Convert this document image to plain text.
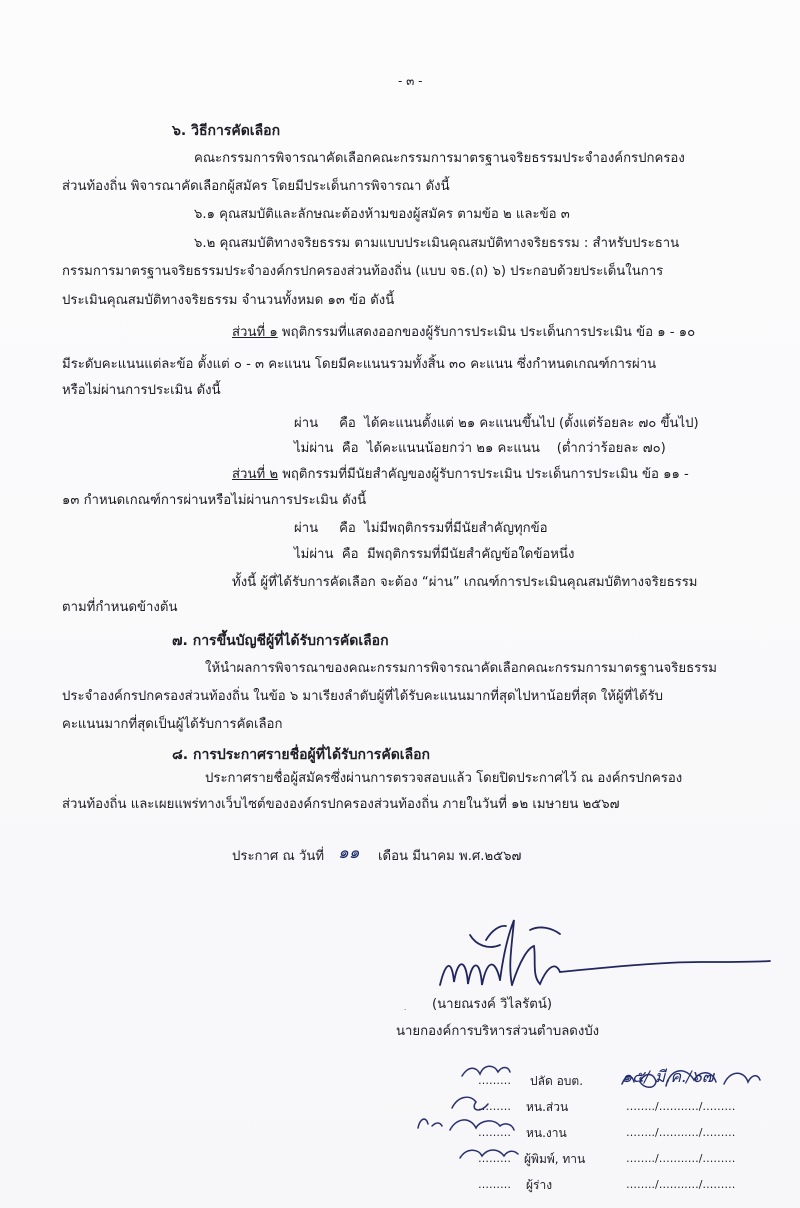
- ๓ -
๖. วิธีการคัดเลือก
คณะกรรมการพิจารณาคัดเลือกคณะกรรมการมาตรฐานจริยธรรมประจำองค์กรปกครอง
ส่วนท้องถิ่น พิจารณาคัดเลือกผู้สมัคร โดยมีประเด็นการพิจารณา ดังนี้
๖.๑ คุณสมบัติและลักษณะต้องห้ามของผู้สมัคร ตามข้อ ๒ และข้อ ๓
๖.๒ คุณสมบัติทางจริยธรรม ตามแบบประเมินคุณสมบัติทางจริยธรรม : สำหรับประธาน
กรรมการมาตรฐานจริยธรรมประจำองค์กรปกครองส่วนท้องถิ่น (แบบ จธ.(ถ) ๖) ประกอบด้วยประเด็นในการ
ประเมินคุณสมบัติทางจริยธรรม จำนวนทั้งหมด ๑๓ ข้อ ดังนี้
ส่วนที่ ๑ พฤติกรรมที่แสดงออกของผู้รับการประเมิน ประเด็นการประเมิน ข้อ ๑ - ๑๐
มีระดับคะแนนแต่ละข้อ ตั้งแต่ ๐ - ๓ คะแนน โดยมีคะแนนรวมทั้งสิ้น ๓๐ คะแนน ซึ่งกำหนดเกณฑ์การผ่าน
หรือไม่ผ่านการประเมิน ดังนี้
ผ่าน     คือ  ได้คะแนนตั้งแต่ ๒๑ คะแนนขึ้นไป (ตั้งแต่ร้อยละ ๗๐ ขึ้นไป)
ไม่ผ่าน  คือ  ได้คะแนนน้อยกว่า ๒๑ คะแนน    (ต่ำกว่าร้อยละ ๗๐)
ส่วนที่ ๒ พฤติกรรมที่มีนัยสำคัญของผู้รับการประเมิน ประเด็นการประเมิน ข้อ ๑๑ -
๑๓ กำหนดเกณฑ์การผ่านหรือไม่ผ่านการประเมิน ดังนี้
ผ่าน     คือ  ไม่มีพฤติกรรมที่มีนัยสำคัญทุกข้อ
ไม่ผ่าน  คือ  มีพฤติกรรมที่มีนัยสำคัญข้อใดข้อหนึ่ง
ทั้งนี้ ผู้ที่ได้รับการคัดเลือก จะต้อง “ผ่าน” เกณฑ์การประเมินคุณสมบัติทางจริยธรรม
ตามที่กำหนดข้างต้น
๗. การขึ้นบัญชีผู้ที่ได้รับการคัดเลือก
ให้นำผลการพิจารณาของคณะกรรมการพิจารณาคัดเลือกคณะกรรมการมาตรฐานจริยธรรม
ประจำองค์กรปกครองส่วนท้องถิ่น ในข้อ ๖ มาเรียงลำดับผู้ที่ได้รับคะแนนมากที่สุดไปหาน้อยที่สุด ให้ผู้ที่ได้รับ
คะแนนมากที่สุดเป็นผู้ได้รับการคัดเลือก
๘. การประกาศรายชื่อผู้ที่ได้รับการคัดเลือก
ประกาศรายชื่อผู้สมัครซึ่งผ่านการตรวจสอบแล้ว โดยปิดประกาศไว้ ณ องค์กรปกครอง
ส่วนท้องถิ่น และเผยแพร่ทางเว็บไซต์ขององค์กรปกครองส่วนท้องถิ่น ภายในวันที่ ๑๒ เมษายน ๒๕๖๗
ประกาศ ณ วันที่ ๑๑ เดือน มีนาคม พ.ศ.๒๕๖๗
. (นายณรงค์ วิไลรัตน์)
นายกองค์การบริหารส่วนตำบลดงบัง
……… ปลัด อบต. ๑๕/ มี.ค./๖๗
……… หน.ส่วน	……../……..…/………
……… หน.งาน	……../……..…/………
……… ผู้พิมพ์, ทาน	……../……..…/………
……… ผู้ร่าง	……../……..…/………
